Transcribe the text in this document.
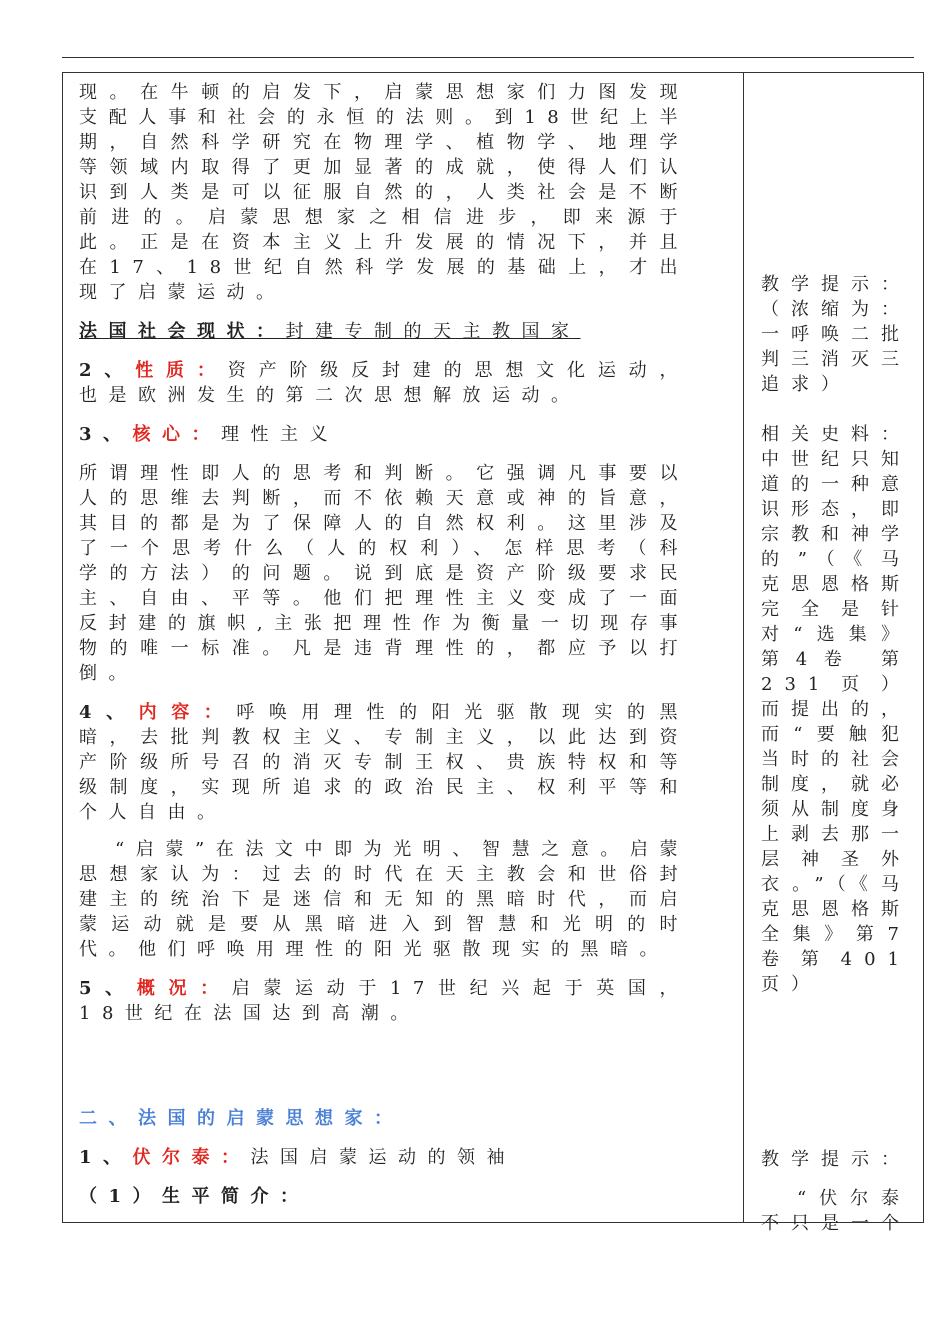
现。在牛顿的启发下，启蒙思想家们力图发现支配人事和社会的永恒的法则。到18世纪上半期，自然科学研究在物理学、植物学、地理学等领域内取得了更加显著的成就，使得人们认识到人类是可以征服自然的，人类社会是不断前进的。启蒙思想家之相信进步，即来源于此。正是在资本主义上升发展的情况下，并且在17、18世纪自然科学发展的基础上，才出现了启蒙运动。

法国社会现状：封建专制的天主教国家

2、性质：资产阶级反封建的思想文化运动，也是欧洲发生的第二次思想解放运动。

3、核心：理性主义

所谓理性即人的思考和判断。它强调凡事要以人的思维去判断，而不依赖天意或神的旨意，其目的都是为了保障人的自然权利。这里涉及了一个思考什么（人的权利）、怎样思考（科学的方法）的问题。说到底是资产阶级要求民主、自由、平等。他们把理性主义变成了一面反封建的旗帜,主张把理性作为衡量一切现存事物的唯一标准。凡是违背理性的，都应予以打倒。

4、内容：呼唤用理性的阳光驱散现实的黑暗，去批判教权主义、专制主义，以此达到资产阶级所号召的消灭专制王权、贵族特权和等级制度，实现所追求的政治民主、权利平等和个人自由。

“启蒙”在法文中即为光明、智慧之意。启蒙思想家认为：过去的时代在天主教会和世俗封建主的统治下是迷信和无知的黑暗时代，而启蒙运动就是要从黑暗进入到智慧和光明的时代。他们呼唤用理性的阳光驱散现实的黑暗。

5、概况：启蒙运动于17世纪兴起于英国，18世纪在法国达到高潮。

二、法国的启蒙思想家：

1、伏尔泰：法国启蒙运动的领袖

（1）生平简介：

教学提示：（浓缩为：一呼唤二批判三消灭三追求）

相关史料：中世纪只知道的一种意识形态，即宗教和神学的”（《马克思恩格斯完全是针对“选集》第4卷 第 231页）而提出的，而“要触犯当时的社会制度，就必须从制度身上剥去那一层神圣外衣。”（《马克思恩格斯全集》第7卷第401页）

教学提示：

“伏尔泰不只是一个
